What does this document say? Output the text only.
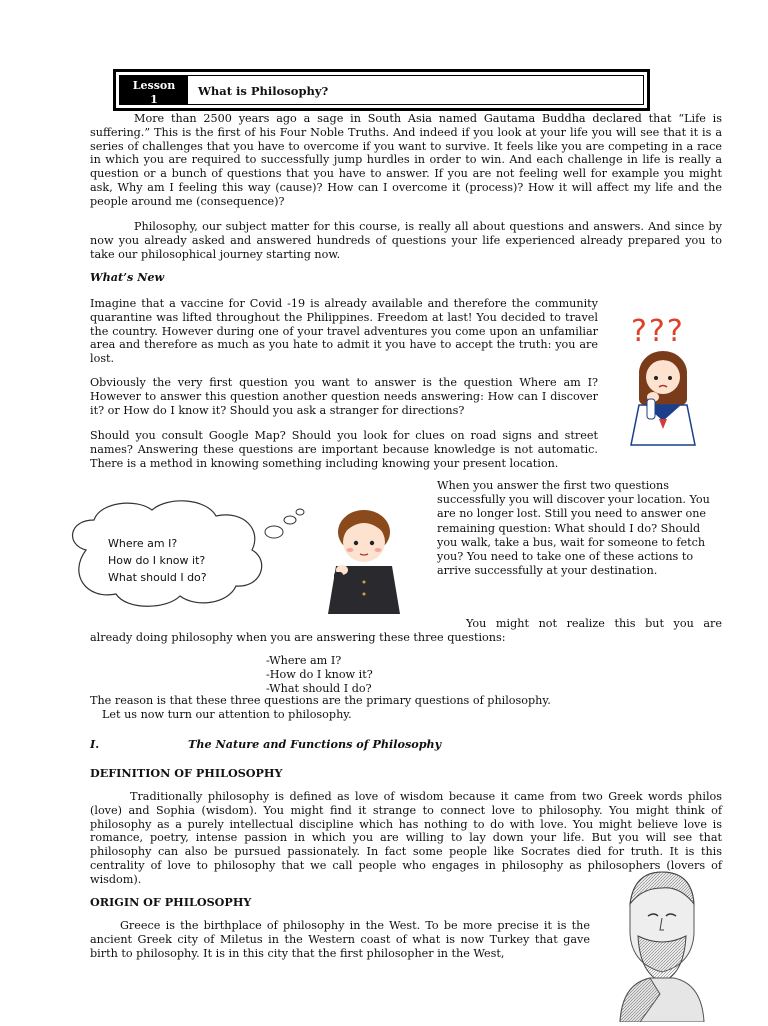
Lesson
1
What is Philosophy?

More than 2500 years ago a sage in South Asia named Gautama Buddha declared that “Life is suffering.” This is the first of his Four Noble Truths. And indeed if you look at your life you will see that it is a series of challenges that you have to overcome if you want to survive. It feels like you are competing in a race in which you are required to successfully jump hurdles in order to win. And each challenge in life is really a question or a bunch of questions that you have to answer. If you are not feeling well for example you might ask, Why am I feeling this way (cause)? How can I overcome it (process)? How it will affect my life and the people around me (consequence)?

Philosophy, our subject matter for this course, is really all about questions and answers. And since by now you already asked and answered hundreds of questions your life experienced already prepared you to take our philosophical journey starting now.

What’s New

Imagine that a vaccine for Covid -19 is already available and therefore the community quarantine was lifted throughout the Philippines. Freedom at last! You decided to travel the country. However during one of your travel adventures you come upon an unfamiliar area and therefore as much as you hate to admit it you have to accept the truth: you are lost.

Obviously the very first question you want to answer is the question Where am I? However to answer this question another question needs answering: How can I discover it? or How do I know it? Should you ask a stranger for directions?

Should you consult Google Map? Should you look for clues on road signs and street names? Answering these questions are important because knowledge is not automatic. There is a method in knowing something including knowing your present location.

???
Where am I?
How do I know it?
What should I do?

When you answer the first two questions successfully you will discover your location. You are no longer lost. Still you need to answer one remaining question: What should I do? Should you walk, take a bus, wait for someone to fetch you? You need to take one of these actions to arrive successfully at your destination.

You might not realize this but you are already doing philosophy when you are answering these three questions:

-Where am I?
-How do I know it?
-What should I do?

The reason is that these three questions are the primary questions of philosophy.

Let us now turn our attention to philosophy.

I.	The Nature and Functions of Philosophy
DEFINITION OF PHILOSOPHY

Traditionally philosophy is defined as love of wisdom because it came from two Greek words philos (love) and Sophia (wisdom). You might find it strange to connect love to philosophy. You might think of philosophy as a purely intellectual discipline which has nothing to do with love. You might believe love is romance, poetry, intense passion in which you are willing to lay down your life. But you will see that philosophy can also be pursued passionately. In fact some people like Socrates died for truth. It is this centrality of love to philosophy that we call people who engages in philosophy as philosophers (lovers of wisdom).

ORIGIN OF PHILOSOPHY

Greece is the birthplace of philosophy in the West. To be more precise it is the ancient Greek city of Miletus in the Western coast of what is now Turkey that gave birth to philosophy. It is in this city that the first philosopher in the West,
